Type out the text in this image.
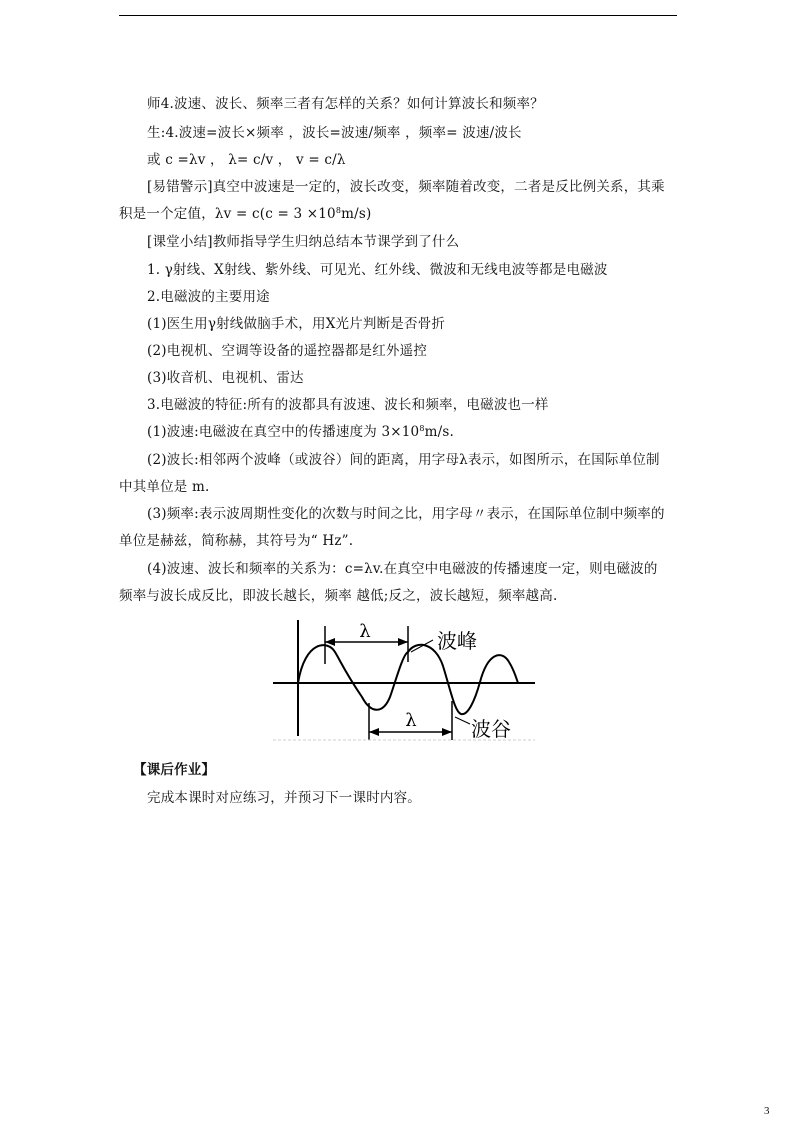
师4.波速、波长、频率三者有怎样的关系？如何计算波长和频率？
生:4.波速=波长×频率 ，波长=波速/频率 ，频率= 波速/波长
或 c =λv ， λ= c/v ， v = c/λ
[易错警示]真空中波速是一定的，波长改变，频率随着改变，二者是反比例关系，其乘
积是一个定值，$\lambda v = c(c = 3 \times 10^8m/s)$
[课堂小结]教师指导学生归纳总结本节课学到了什么
1. γ射线、X射线、紫外线、可见光、红外线、微波和无线电波等都是电磁波
2.电磁波的主要用途
(1)医生用γ射线做脑手术，用X光片判断是否骨折
(2)电视机、空调等设备的遥控器都是红外遥控
(3)收音机、电视机、雷达
3.电磁波的特征:所有的波都具有波速、波长和频率，电磁波也一样
(1)波速:电磁波在真空中的传播速度为 $3\times 10^8m/s$.
(2)波长:相邻两个波峰（或波谷）间的距离，用字母λ表示，如图所示，在国际单位制
中其单位是 m.
(3)频率:表示波周期性变化的次数与时间之比，用字母〃表示，在国际单位制中频率的
单位是赫兹，简称赫，其符号为“ Hz”.
(4)波速、波长和频率的关系为：c=λv.在真空中电磁波的传播速度一定，则电磁波的
频率与波长成反比，即波长越长，频率 越低;反之，波长越短，频率越高.
λ
λ
波峰
波谷
【课后作业】
完成本课时对应练习，并预习下一课时内容。
3
